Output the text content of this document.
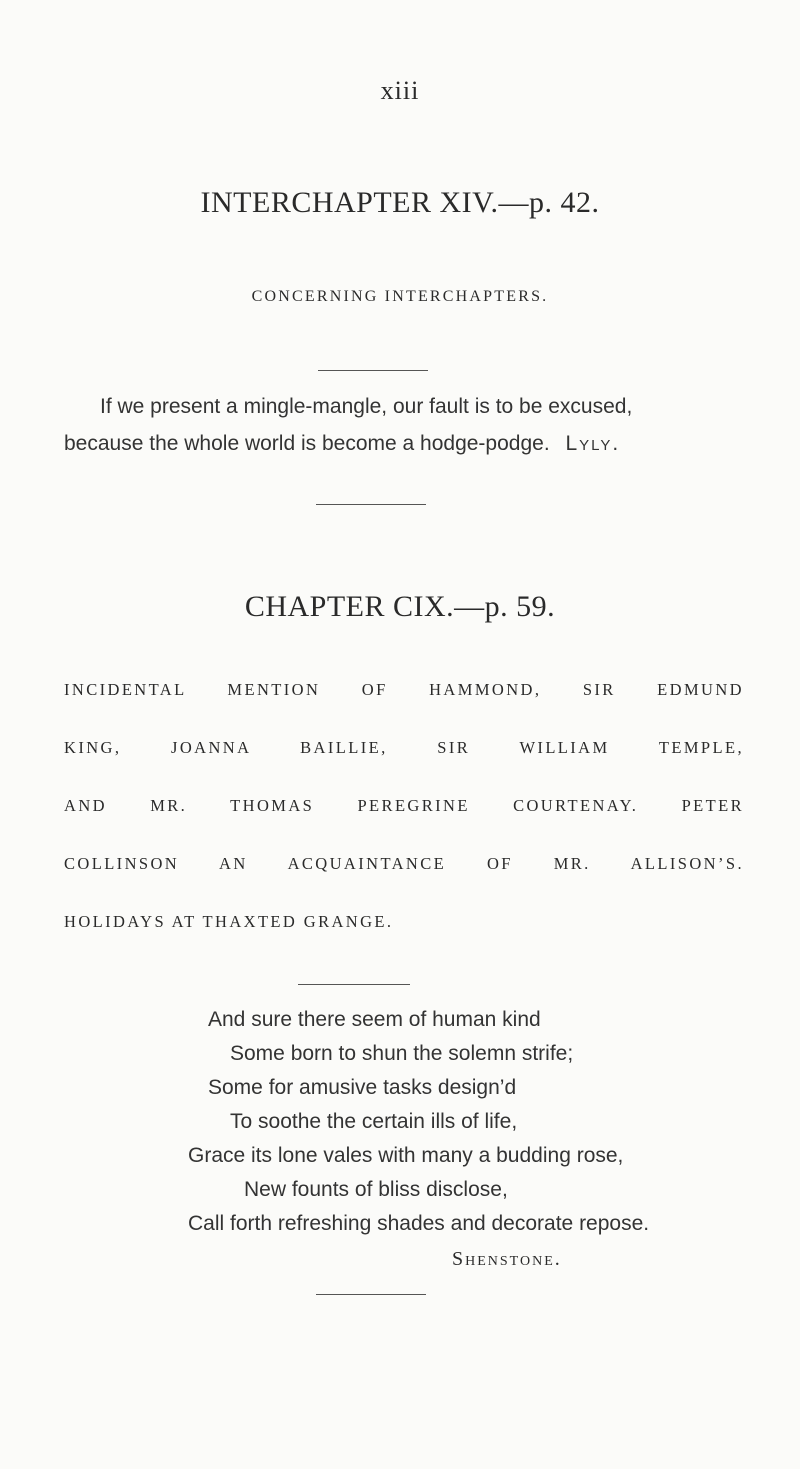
xiii
INTERCHAPTER XIV.—p. 42.
CONCERNING INTERCHAPTERS.
If we present a mingle-mangle, our fault is to be excused,
because the whole world is become a hodge-podge. Lyly.
CHAPTER CIX.—p. 59.
INCIDENTAL MENTION OF HAMMOND, SIR EDMUND
KING, JOANNA BAILLIE, SIR WILLIAM TEMPLE,
AND MR. THOMAS PEREGRINE COURTENAY. PETER
COLLINSON AN ACQUAINTANCE OF MR. ALLISON’S.
HOLIDAYS AT THAXTED GRANGE.
And sure there seem of human kind
Some born to shun the solemn strife;
Some for amusive tasks design’d
To soothe the certain ills of life,
Grace its lone vales with many a budding rose,
New founts of bliss disclose,
Call forth refreshing shades and decorate repose.
Shenstone.
